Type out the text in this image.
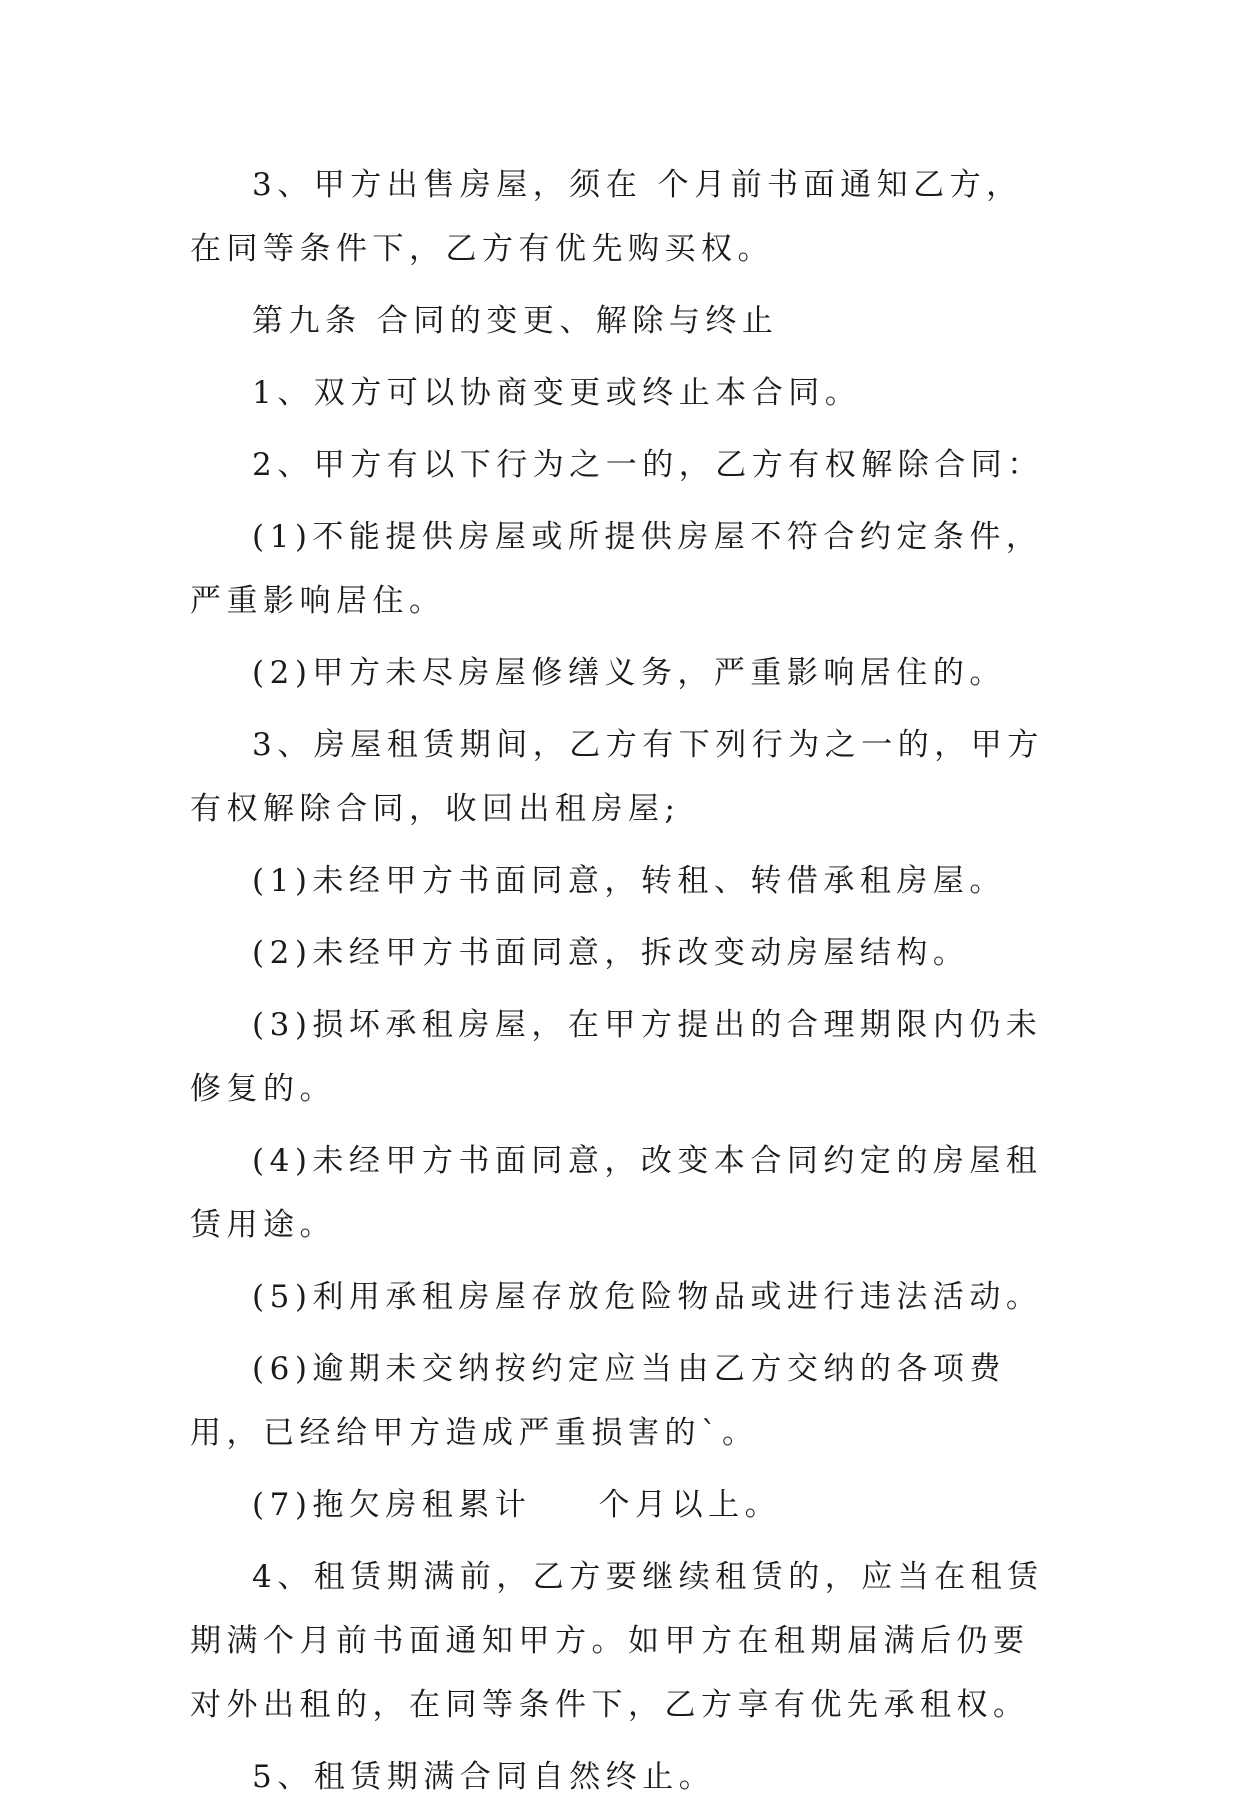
3、甲方出售房屋，须在 个月前书面通知乙方，在同等条件下，乙方有优先购买权。

第九条 合同的变更、解除与终止

1、双方可以协商变更或终止本合同。

2、甲方有以下行为之一的，乙方有权解除合同：

(1)不能提供房屋或所提供房屋不符合约定条件，严重影响居住。

(2)甲方未尽房屋修缮义务，严重影响居住的。

3、房屋租赁期间，乙方有下列行为之一的，甲方有权解除合同，收回出租房屋;

(1)未经甲方书面同意，转租、转借承租房屋。

(2)未经甲方书面同意，拆改变动房屋结构。

(3)损坏承租房屋，在甲方提出的合理期限内仍未修复的。

(4)未经甲方书面同意，改变本合同约定的房屋租赁用途。

(5)利用承租房屋存放危险物品或进行违法活动。

(6)逾期未交纳按约定应当由乙方交纳的各项费用，已经给甲方造成严重损害的`。

(7)拖欠房租累计　  个月以上。

4、租赁期满前，乙方要继续租赁的，应当在租赁期满个月前书面通知甲方。如甲方在租期届满后仍要对外出租的，在同等条件下，乙方享有优先承租权。

5、租赁期满合同自然终止。
